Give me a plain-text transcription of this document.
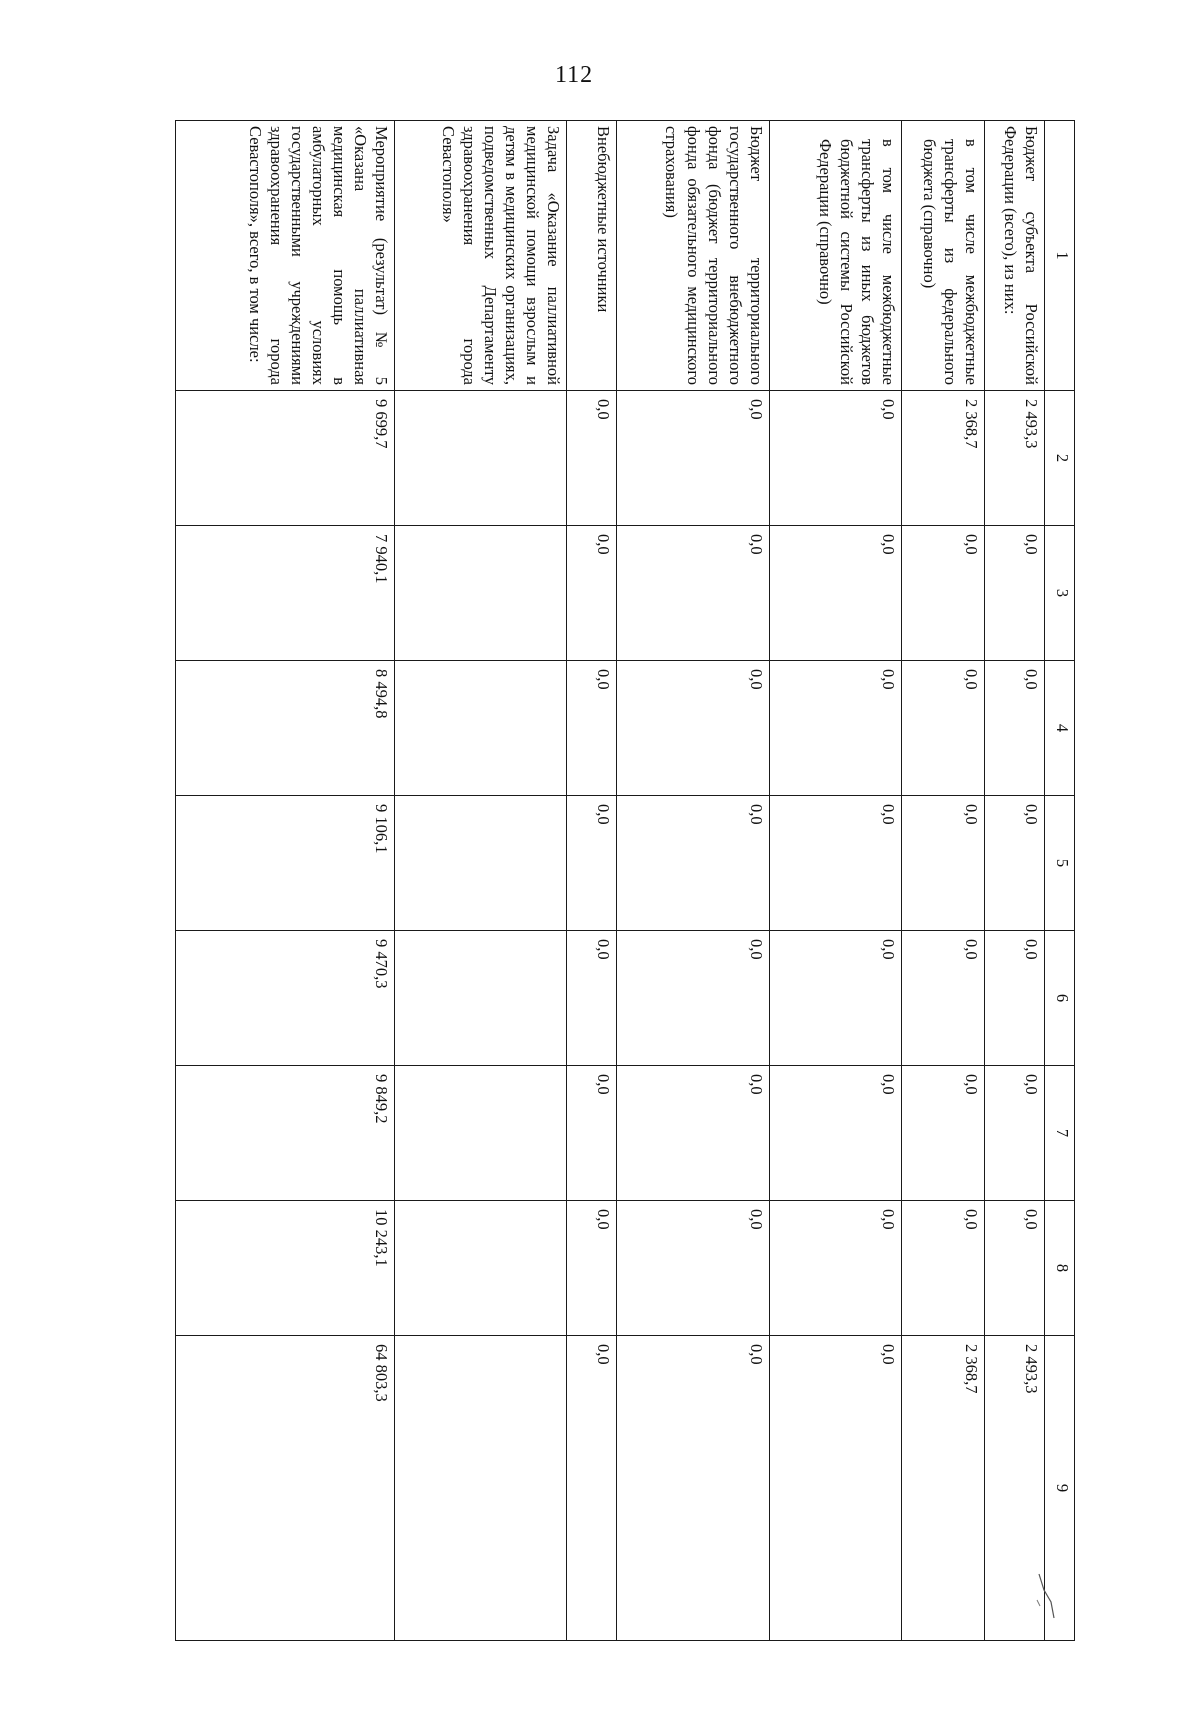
112
1	2	3	4	5	6	7	8	9
Бюджет субъекта Российской Федерации (всего), из них:	2 493,3	0,0	0,0	0,0	0,0	0,0	0,0	2 493,3
в том числе межбюджетные трансферты из федерального бюджета (справочно)	2 368,7	0,0	0,0	0,0	0,0	0,0	0,0	2 368,7
в том числе межбюджетные трансферты из иных бюджетов бюджетной системы Российской Федерации (справочно)	0,0	0,0	0,0	0,0	0,0	0,0	0,0	0,0
Бюджет территориального государственного внебюджетного фонда (бюджет территориального фонда обязательного медицинского страхования)	0,0	0,0	0,0	0,0	0,0	0,0	0,0	0,0
Внебюджетные источники	0,0	0,0	0,0	0,0	0,0	0,0	0,0	0,0
Задача «Оказание паллиативной медицинской помощи взрослым и детям в медицинских организациях, подведомственных Департаменту здравоохранения города Севастополя»								
Мероприятие (результат) № 5 «Оказана паллиативная медицинская помощь в амбулаторных условиях государственными учреждениями здравоохранения города Севастополя», всего, в том числе:	9 699,7	7 940,1	8 494,8	9 106,1	9 470,3	9 849,2	10 243,1	64 803,3
